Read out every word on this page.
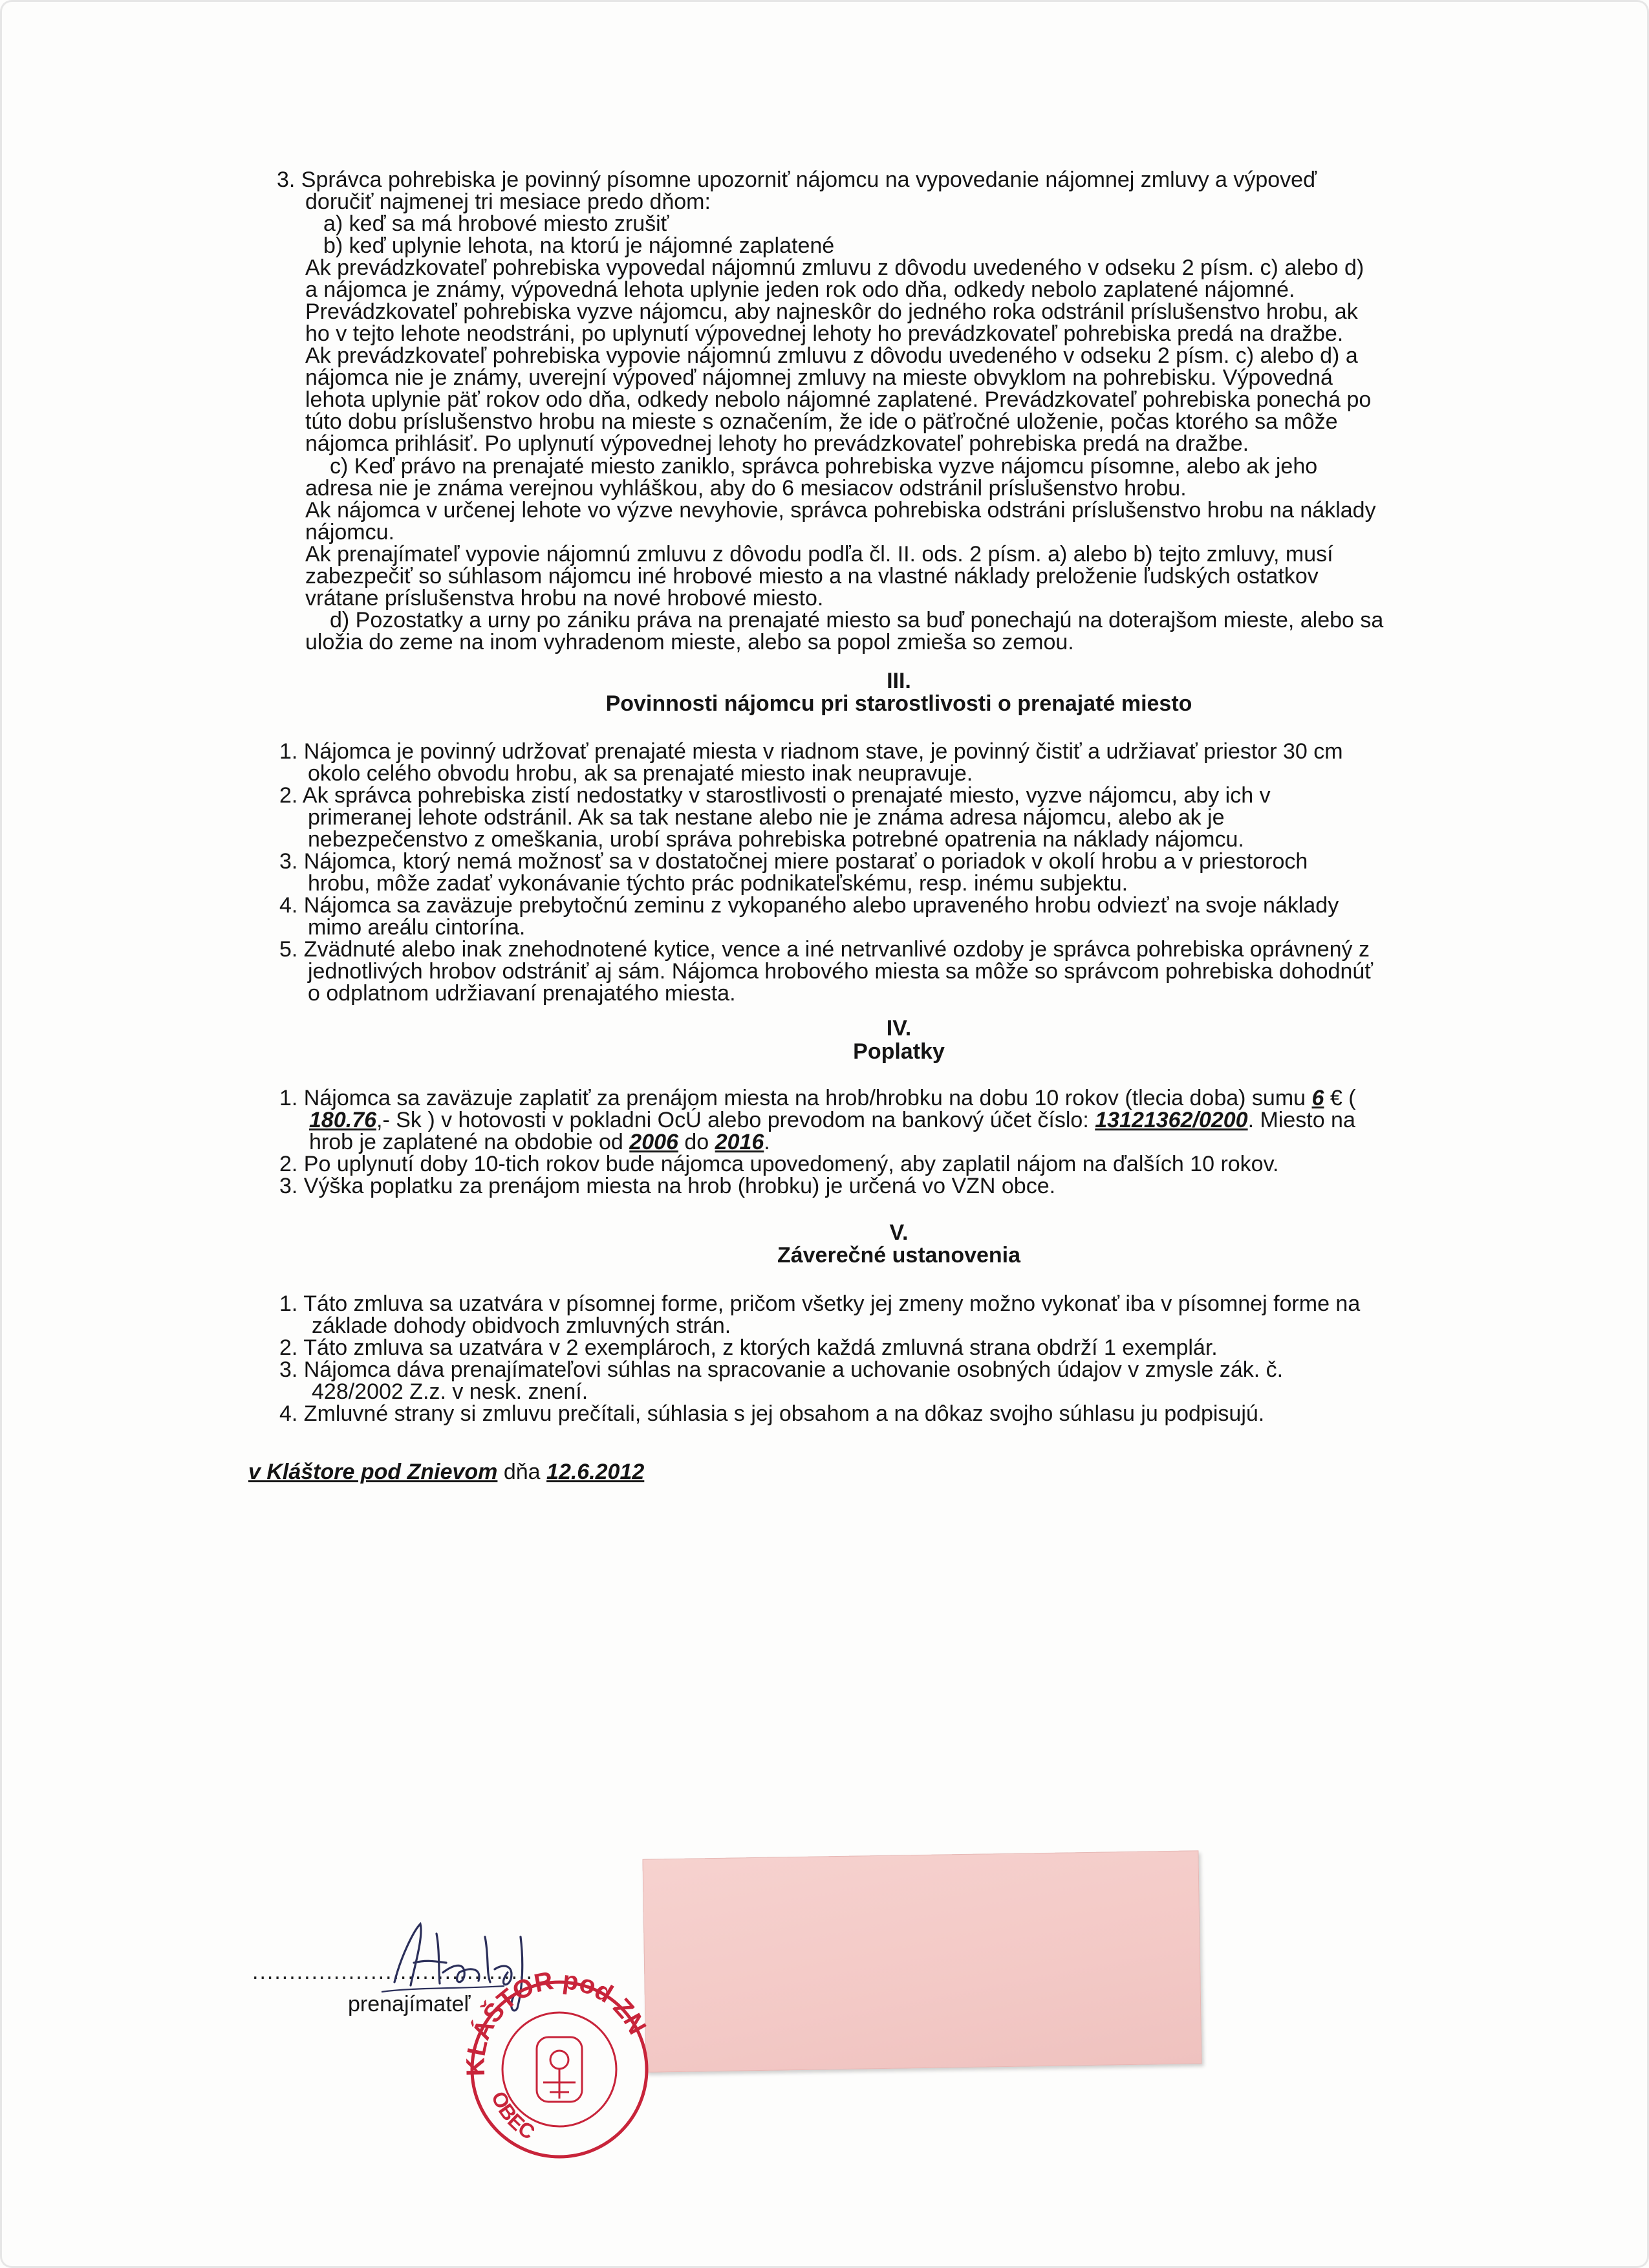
3. Správca pohrebiska je povinný písomne upozorniť nájomcu na vypovedanie nájomnej zmluvy a výpoveď
doručiť najmenej tri mesiace predo dňom:
a) keď sa má hrobové miesto zrušiť
b) keď uplynie lehota, na ktorú je nájomné zaplatené
Ak prevádzkovateľ pohrebiska vypovedal nájomnú zmluvu z dôvodu uvedeného v odseku 2 písm. c) alebo d)
a nájomca je známy, výpovedná lehota uplynie jeden rok odo dňa, odkedy nebolo zaplatené nájomné.
Prevádzkovateľ pohrebiska vyzve nájomcu, aby najneskôr do jedného roka odstránil príslušenstvo hrobu, ak
ho v tejto lehote neodstráni, po uplynutí výpovednej lehoty ho prevádzkovateľ pohrebiska predá na dražbe.
Ak prevádzkovateľ pohrebiska vypovie nájomnú zmluvu z dôvodu uvedeného v odseku 2 písm. c) alebo d) a
nájomca nie je známy, uverejní výpoveď nájomnej zmluvy na mieste obvyklom na pohrebisku. Výpovedná
lehota uplynie päť rokov odo dňa, odkedy nebolo nájomné zaplatené. Prevádzkovateľ pohrebiska ponechá po
túto dobu príslušenstvo hrobu na mieste s označením, že ide o päťročné uloženie, počas ktorého sa môže
nájomca prihlásiť. Po uplynutí výpovednej lehoty ho prevádzkovateľ pohrebiska predá na dražbe.
c) Keď právo na prenajaté miesto zaniklo, správca pohrebiska vyzve nájomcu písomne, alebo ak jeho
adresa nie je známa verejnou vyhláškou, aby do 6 mesiacov odstránil príslušenstvo hrobu.
Ak nájomca v určenej lehote vo výzve nevyhovie, správca pohrebiska odstráni príslušenstvo hrobu na náklady
nájomcu.
Ak prenajímateľ vypovie nájomnú zmluvu z dôvodu podľa čl. II. ods. 2 písm. a) alebo b) tejto zmluvy, musí
zabezpečiť so súhlasom nájomcu iné hrobové miesto a na vlastné náklady preloženie ľudských ostatkov
vrátane príslušenstva hrobu na nové hrobové miesto.
d) Pozostatky a urny po zániku práva na prenajaté miesto sa buď ponechajú na doterajšom mieste, alebo sa
uložia do zeme na inom vyhradenom mieste, alebo sa popol zmieša so zemou.
III.
Povinnosti nájomcu pri starostlivosti o prenajaté miesto
1. Nájomca je povinný udržovať prenajaté miesta v riadnom stave, je povinný čistiť a udržiavať priestor 30 cm
okolo celého obvodu hrobu, ak sa prenajaté miesto inak neupravuje.
2. Ak správca pohrebiska zistí nedostatky v starostlivosti o prenajaté miesto, vyzve nájomcu, aby ich v
primeranej lehote odstránil. Ak sa tak nestane alebo nie je známa adresa nájomcu, alebo ak je
nebezpečenstvo z omeškania, urobí správa pohrebiska potrebné opatrenia na náklady nájomcu.
3. Nájomca, ktorý nemá možnosť sa v dostatočnej miere postarať o poriadok v okolí hrobu a v priestoroch
hrobu, môže zadať vykonávanie týchto prác podnikateľskému, resp. inému subjektu.
4. Nájomca sa zaväzuje prebytočnú zeminu z vykopaného alebo upraveného hrobu odviezť na svoje náklady
mimo areálu cintorína.
5. Zvädnuté alebo inak znehodnotené kytice, vence a iné netrvanlivé ozdoby je správca pohrebiska oprávnený z
jednotlivých hrobov odstrániť aj sám. Nájomca hrobového miesta sa môže so správcom pohrebiska dohodnúť
o odplatnom udržiavaní prenajatého miesta.
IV.
Poplatky
1. Nájomca sa zaväzuje zaplatiť za prenájom miesta na hrob/hrobku na dobu 10 rokov (tlecia doba) sumu 6 € (
180.76,- Sk ) v hotovosti v pokladni OcÚ alebo prevodom na bankový účet číslo: 13121362/0200. Miesto na
hrob je zaplatené na obdobie od 2006 do 2016.
2. Po uplynutí doby 10-tich rokov bude nájomca upovedomený, aby zaplatil nájom na ďalších 10 rokov.
3. Výška poplatku za prenájom miesta na hrob (hrobku) je určená vo VZN obce.
V.
Záverečné ustanovenia
1. Táto zmluva sa uzatvára v písomnej forme, pričom všetky jej zmeny možno vykonať iba v písomnej forme na
základe dohody obidvoch zmluvných strán.
2. Táto zmluva sa uzatvára v 2 exemplároch, z ktorých každá zmluvná strana obdrží 1 exemplár.
3. Nájomca dáva prenajímateľovi súhlas na spracovanie a uchovanie osobných údajov v zmysle zák. č.
428/2002 Z.z. v nesk. znení.
4. Zmluvné strany si zmluvu prečítali, súhlasia s jej obsahom a na dôkaz svojho súhlasu ju podpisujú.
v Kláštore pod Znievom dňa 12.6.2012
......................................
prenajímateľ
KLÁŠTOR pod ZN
OBEC
